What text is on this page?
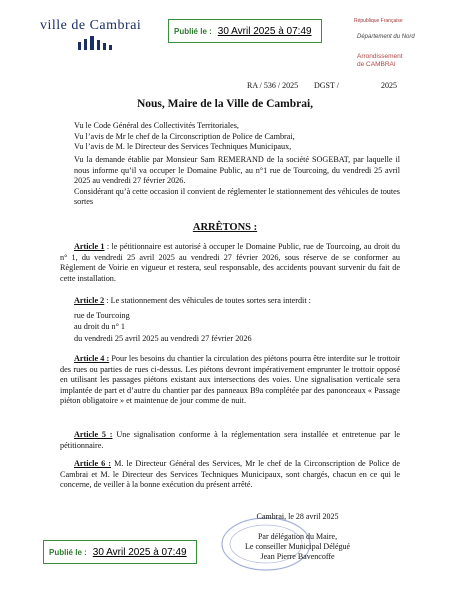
ville de Cambrai	Publié le : 30 Avril 2025 à 07:49
République Française
Département du Nord
Arrondissement
de CAMBRAI
RA / 536 / 2025 DGST /	2025
Nous, Maire de la Ville de Cambrai,
Vu le Code Général des Collectivités Territoriales,
Vu l’avis de Mr le chef de la Circonscription de Police de Cambrai,
Vu l’avis de M. le Directeur des Services Techniques Municipaux,
Vu la demande établie par Monsieur Sam REMERAND de la société SOGEBAT, par laquelle il nous informe qu’il va occuper le Domaine Public, au n°1 rue de Tourcoing, du vendredi 25 avril 2025 au vendredi 27 février 2026.
Considérant qu’à cette occasion il convient de réglementer le stationnement des véhicules de toutes sortes
ARRÊTONS :
Article 1 : le pétitionnaire est autorisé à occuper le Domaine Public, rue de Tourcoing, au droit du n° 1, du vendredi 25 avril 2025 au vendredi 27 février 2026, sous réserve de se conformer au Règlement de Voirie en vigueur et restera, seul responsable, des accidents pouvant survenir du fait de cette installation.
Article 2 : Le stationnement des véhicules de toutes sortes sera interdit :
rue de Tourcoing
au droit du n° 1
du vendredi 25 avril 2025 au vendredi 27 février 2026
Article 4 : Pour les besoins du chantier la circulation des piétons pourra être interdite sur le trottoir des rues ou parties de rues ci-dessus. Les piétons devront impérativement emprunter le trottoir opposé en utilisant les passages piétons existant aux intersections des voies. Une signalisation verticale sera implantée de part et d’autre du chantier par des panneaux B9a complétée par des panonceaux « Passage piéton obligatoire » et maintenue de jour comme de nuit.
Article 5 : Une signalisation conforme à la réglementation sera installée et entretenue par le pétitionnaire.
Article 6 : M. le Directeur Général des Services, Mr le chef de la Circonscription de Police de Cambrai et M. le Directeur des Services Techniques Municipaux, sont chargés, chacun en ce qui le concerne, de veiller à la bonne exécution du présent arrêté.
Cambrai, le 28 avril 2025
Par délégation du Maire,
Le conseiller Municipal Délégué
Jean Pierre Bavencoffe
Publié le : 30 Avril 2025 à 07:49
